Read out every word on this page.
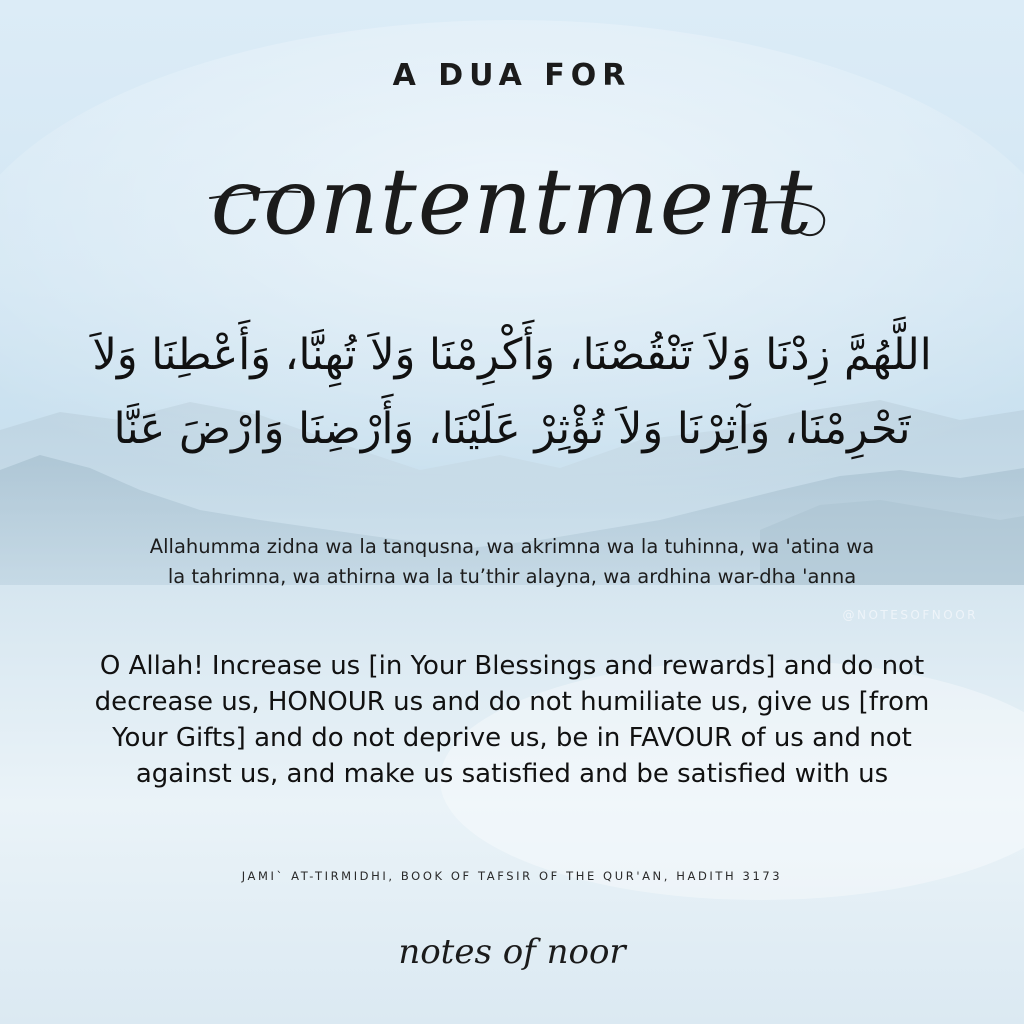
A DUA FOR
contentment
اللَّهُمَّ زِدْنَا وَلاَ تَنْقُصْنَا، وَأَكْرِمْنَا وَلاَ تُهِنَّا، وَأَعْطِنَا وَلاَ
تَحْرِمْنَا، وَآثِرْنَا وَلاَ تُؤْثِرْ عَلَيْنَا، وَأَرْضِنَا وَارْضَ عَنَّا
Allahumma zidna wa la tanqusna, wa akrimna wa la tuhinna, wa 'atina wa
la tahrimna, wa athirna wa la tu’thir alayna, wa ardhina war-dha 'anna
@NOTESOFNOOR
O Allah! Increase us [in Your Blessings and rewards] and do not
decrease us, HONOUR us and do not humiliate us, give us [from
Your Gifts] and do not deprive us, be in FAVOUR of us and not
against us, and make us satisfied and be satisfied with us
JAMI` AT-TIRMIDHI, BOOK OF TAFSIR OF THE QUR'AN, HADITH 3173
notes of noor
